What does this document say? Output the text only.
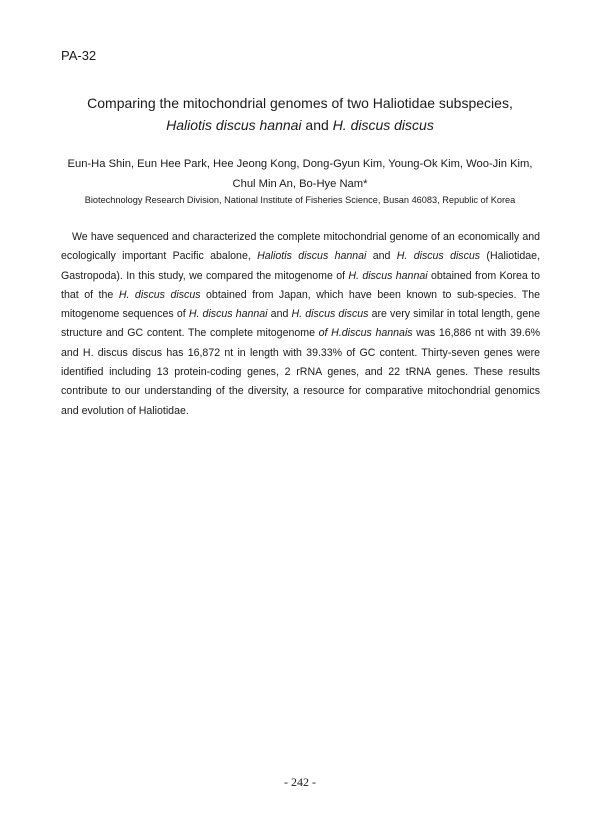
PA-32
Comparing the mitochondrial genomes of two Haliotidae subspecies,
Haliotis discus hannai and H. discus discus
Eun-Ha Shin, Eun Hee Park, Hee Jeong Kong, Dong-Gyun Kim, Young-Ok Kim, Woo-Jin Kim, Chul Min An, Bo-Hye Nam*
Biotechnology Research Division, National Institute of Fisheries Science, Busan 46083, Republic of Korea

We have sequenced and characterized the complete mitochondrial genome of an economically and ecologically important Pacific abalone, Haliotis discus hannai and H. discus discus (Haliotidae, Gastropoda). In this study, we compared the mitogenome of H. discus hannai obtained from Korea to that of the H. discus discus obtained from Japan, which have been known to sub-species. The mitogenome sequences of H. discus hannai and H. discus discus are very similar in total length, gene structure and GC content. The complete mitogenome of H.discus hannais was 16,886 nt with 39.6% and H. discus discus has 16,872 nt in length with 39.33% of GC content. Thirty-seven genes were identified including 13 protein-coding genes, 2 rRNA genes, and 22 tRNA genes. These results contribute to our understanding of the diversity, a resource for comparative mitochondrial genomics and evolution of Haliotidae.

- 242 -
